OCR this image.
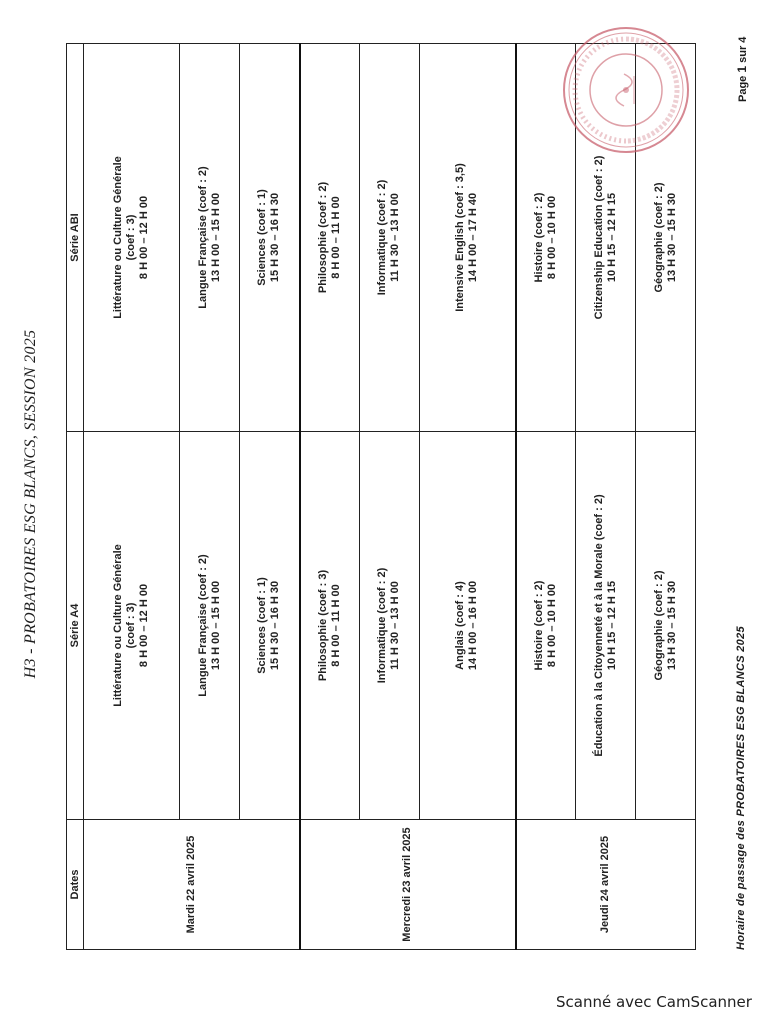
H3 - PROBATOIRES ESG BLANCS, SESSION 2025
Dates	Série A4	Série ABI
Mardi 22 avril 2025	Littérature ou Culture Générale (coef : 3) 8 H 00 – 12 H 00	Littérature ou Culture Générale (coef : 3) 8 H 00 – 12 H 00

	Langue Française (coef : 2) 13 H 00 – 15 H 00	Langue Française (coef : 2) 13 H 00 – 15 H 00

	Sciences (coef : 1) 15 H 30 – 16 H 30	Sciences (coef : 1) 15 H 30 – 16 H 30

Mercredi 23 avril 2025	Philosophie (coef : 3) 8 H 00 – 11 H 00	Philosophie (coef : 2) 8 H 00 – 11 H 00

	Informatique (coef : 2) 11 H 30 – 13 H 00	Informatique (coef : 2) 11 H 30 – 13 H 00

	Anglais (coef : 4) 14 H 00 – 16 H 00	Intensive English (coef : 3,5) 14 H 00 – 17 H 40

Jeudi 24 avril 2025	Histoire (coef : 2) 8 H 00 – 10 H 00	Histoire (coef : 2) 8 H 00 – 10 H 00

	Éducation à la Citoyenneté et à la Morale (coef : 2) 10 H 15 – 12 H 15	Citizenship Education (coef : 2) 10 H 15 – 12 H 15

	Géographie (coef : 2) 13 H 30 – 15 H 30	Géographie (coef : 2) 13 H 30 – 15 H 30
Horaire de passage des PROBATOIRES ESG BLANCS 2025
Page 1 sur 4
Scanné avec CamScanner
